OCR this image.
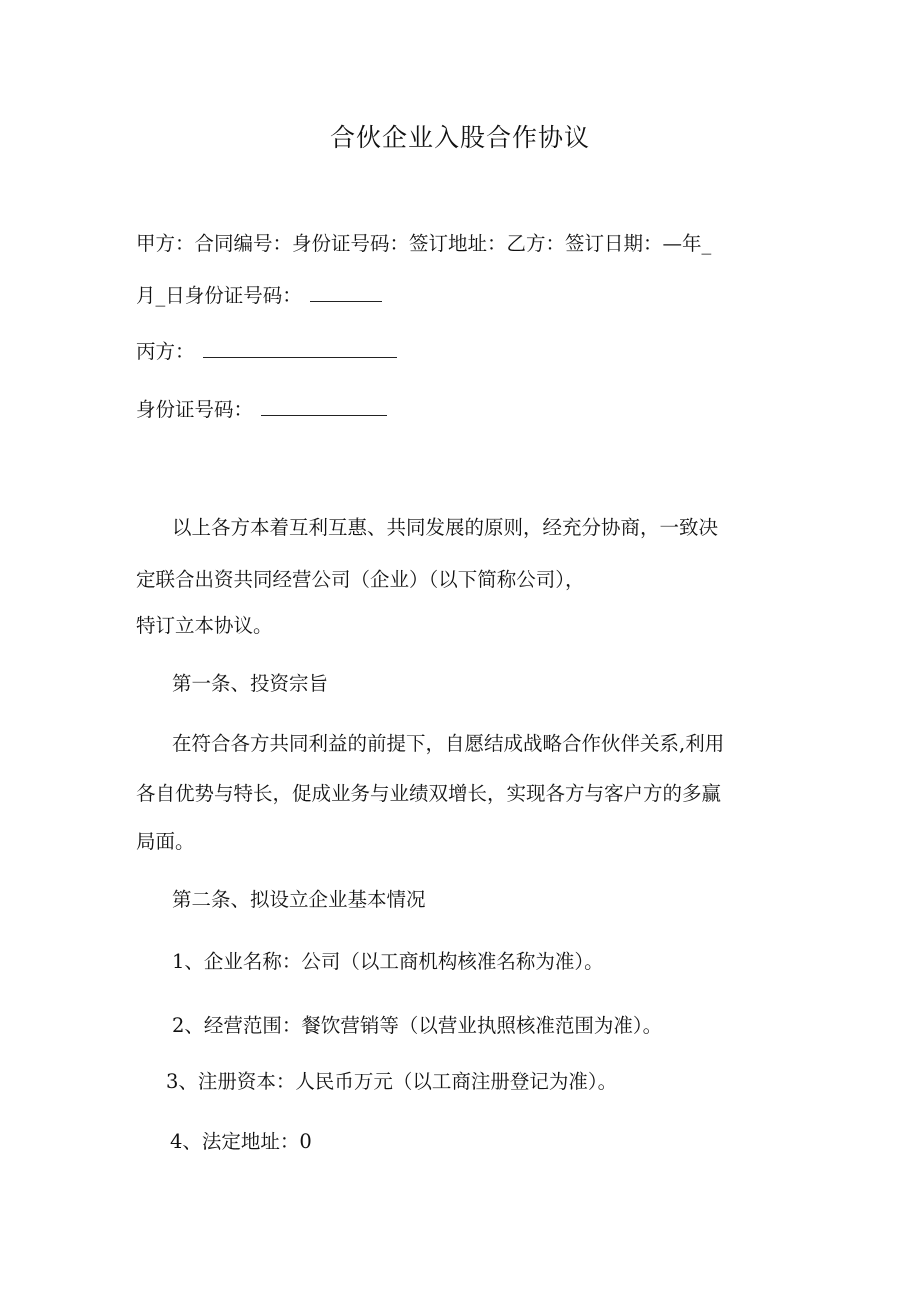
合伙企业入股合作协议
甲方：合同编号：身份证号码：签订地址：乙方：签订日期：—年_
月_日身份证号码：
丙方：
身份证号码：
以上各方本着互利互惠、共同发展的原则，经充分协商，一致决
定联合出资共同经营公司（企业）（以下简称公司），
特订立本协议。
第一条、投资宗旨
在符合各方共同利益的前提下，自愿结成战略合作伙伴关系,利用
各自优势与特长，促成业务与业绩双增长，实现各方与客户方的多赢
局面。
第二条、拟设立企业基本情况
1、企业名称：公司（以工商机构核准名称为准）。
2、经营范围：餐饮营销等（以营业执照核准范围为准）。
3、注册资本：人民币万元（以工商注册登记为准）。
4、法定地址：0
